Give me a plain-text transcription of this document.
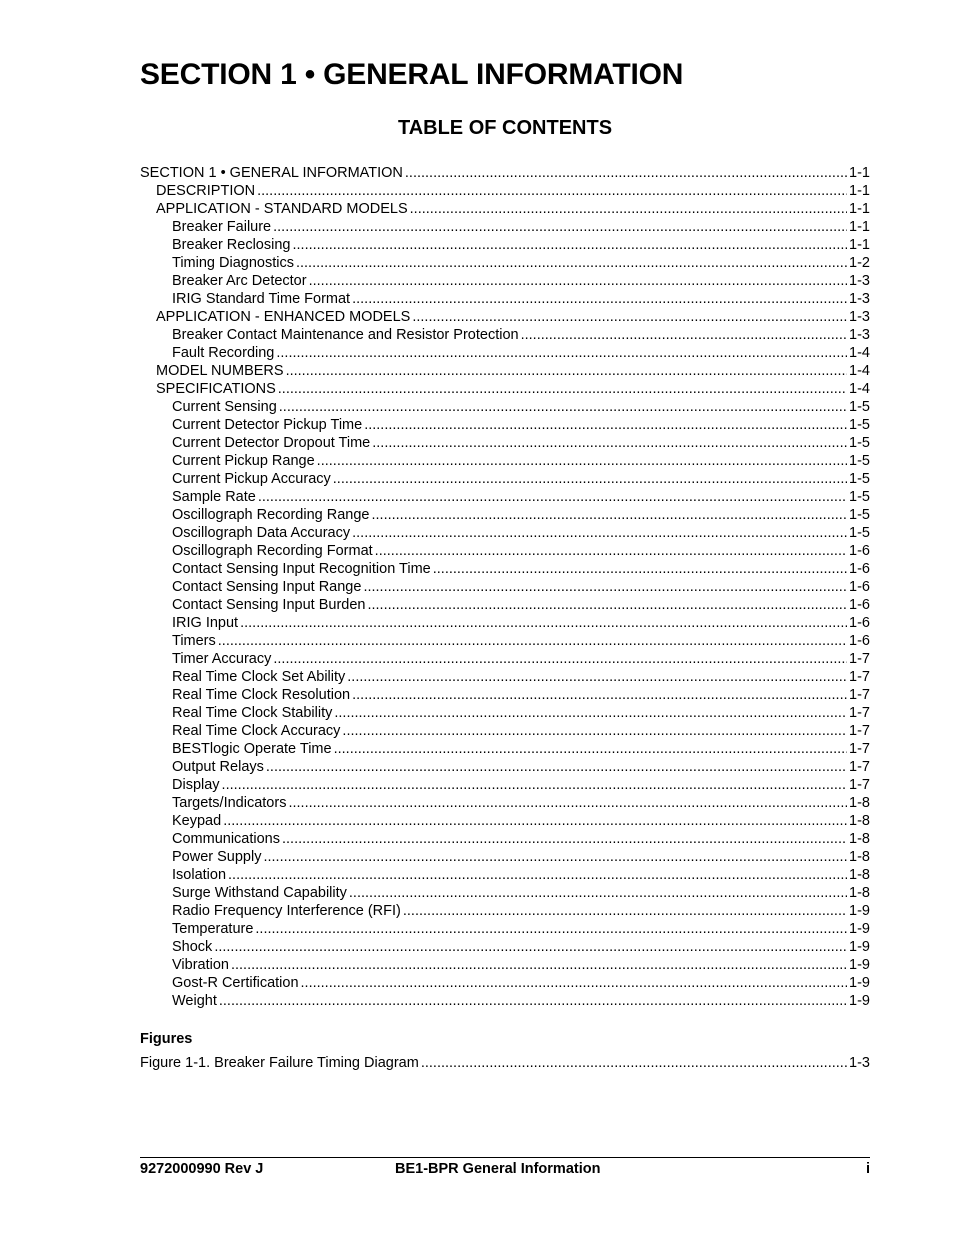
SECTION 1 • GENERAL INFORMATION
TABLE OF CONTENTS
SECTION 1 • GENERAL INFORMATION .....	1-1
DESCRIPTION .....	1-1
APPLICATION - STANDARD MODELS .....	1-1
Breaker Failure .....	1-1
Breaker Reclosing .....	1-1
Timing Diagnostics .....	1-2
Breaker Arc Detector .....	1-3
IRIG Standard Time Format .....	1-3
APPLICATION - ENHANCED MODELS .....	1-3
Breaker Contact Maintenance and Resistor Protection .....	1-3
Fault Recording .....	1-4
MODEL NUMBERS .....	1-4
SPECIFICATIONS .....	1-4
Current Sensing .....	1-5
Current Detector Pickup Time .....	1-5
Current Detector Dropout Time .....	1-5
Current Pickup Range .....	1-5
Current Pickup Accuracy .....	1-5
Sample Rate .....	1-5
Oscillograph Recording Range .....	1-5
Oscillograph Data Accuracy .....	1-5
Oscillograph Recording Format .....	1-6
Contact Sensing Input Recognition Time .....	1-6
Contact Sensing Input Range .....	1-6
Contact Sensing Input Burden .....	1-6
IRIG Input .....	1-6
Timers .....	1-6
Timer Accuracy .....	1-7
Real Time Clock Set Ability .....	1-7
Real Time Clock Resolution .....	1-7
Real Time Clock Stability .....	1-7
Real Time Clock Accuracy .....	1-7
BESTlogic Operate Time .....	1-7
Output Relays .....	1-7
Display .....	1-7
Targets/Indicators .....	1-8
Keypad .....	1-8
Communications .....	1-8
Power Supply .....	1-8
Isolation .....	1-8
Surge Withstand Capability .....	1-8
Radio Frequency Interference (RFI) .....	1-9
Temperature .....	1-9
Shock .....	1-9
Vibration .....	1-9
Gost-R Certification .....	1-9
Weight .....	1-9
Figures
Figure 1-1. Breaker Failure Timing Diagram .....	1-3
9272000990 Rev J	BE1-BPR General Information	i
